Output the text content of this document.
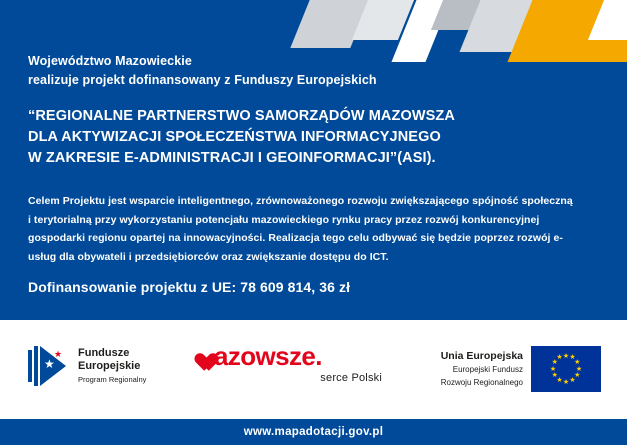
Województwo Mazowieckie
realizuje projekt dofinansowany z Funduszy Europejskich
“REGIONALNE PARTNERSTWO SAMORZĄDÓW MAZOWSZA
DLA AKTYWIZACJI SPOŁECZEŃSTWA INFORMACYJNEGO
W ZAKRESIE E-ADMINISTRACJI I GEOINFORMACJI”(ASI).
Celem Projektu jest wsparcie inteligentnego, zrównoważonego rozwoju zwiększającego spójność społeczną i terytorialną przy wykorzystaniu potencjału mazowieckiego rynku pracy przez rozwój konkurencyjnej gospodarki regionu opartej na innowacyjności. Realizacja tego celu odbywać się będzie poprzez rozwój e-usług dla obywateli i przedsiębiorców oraz zwiększanie dostępu do ICT.
Dofinansowanie projektu z UE: 78 609 814, 36 zł
★
★ Fundusze
Europejskie
Program Regionalny
azowsze.
serce Polski
Unia Europejska
Europejski Fundusz
Rozwoju Regionalnego
★ ★
★
★
★
★
★
★
★
★
★
★
www.mapadotacji.gov.pl
